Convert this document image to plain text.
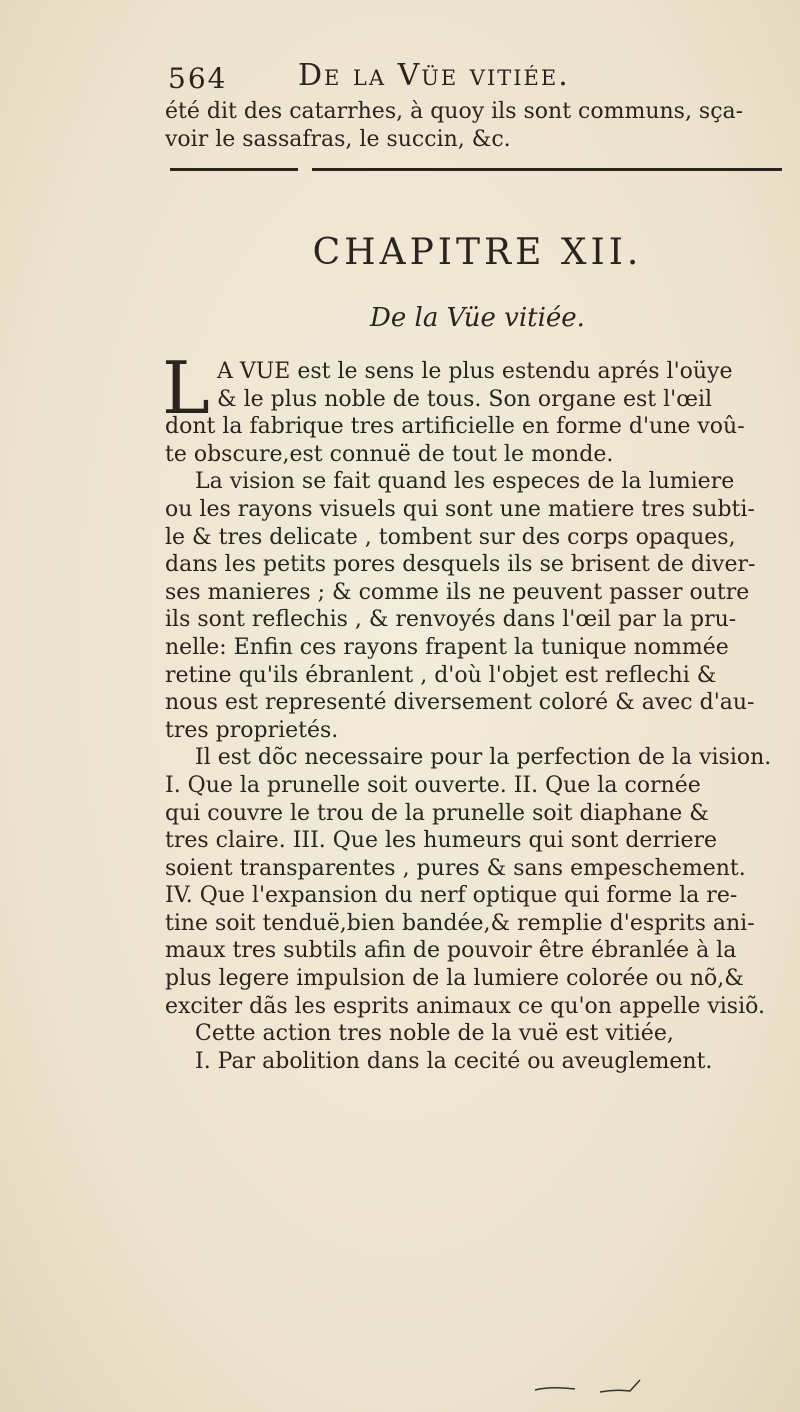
564 De la Vüe vitiée.
été dit des catarrhes, à quoy ils sont communs, sça-
voir le sassafras, le succin, &c.
CHAPITRE XII.
De la Vüe vitiée.
L A VUE est le sens le plus estendu aprés l'oüye
& le plus noble de tous. Son organe est l'œil
dont la fabrique tres artificielle en forme d'une voû-
te obscure,est connuë de tout le monde.
La vision se fait quand les especes de la lumiere
ou les rayons visuels qui sont une matiere tres subti-
le & tres delicate , tombent sur des corps opaques,
dans les petits pores desquels ils se brisent de diver-
ses manieres ; & comme ils ne peuvent passer outre
ils sont reflechis , & renvoyés dans l'œil par la pru-
nelle: Enfin ces rayons frapent la tunique nommée
retine qu'ils ébranlent , d'où l'objet est reflechi &
nous est representé diversement coloré & avec d'au-
tres proprietés.
Il est dõc necessaire pour la perfection de la vision.
I. Que la prunelle soit ouverte. II. Que la cornée
qui couvre le trou de la prunelle soit diaphane &
tres claire. III. Que les humeurs qui sont derriere
soient transparentes , pures & sans empeschement.
IV. Que l'expansion du nerf optique qui forme la re-
tine soit tenduë,bien bandée,& remplie d'esprits ani-
maux tres subtils afin de pouvoir être ébranlée à la
plus legere impulsion de la lumiere colorée ou nõ,&
exciter dãs les esprits animaux ce qu'on appelle visiõ.
Cette action tres noble de la vuë est vitiée,
I. Par abolition dans la cecité ou aveuglement.
